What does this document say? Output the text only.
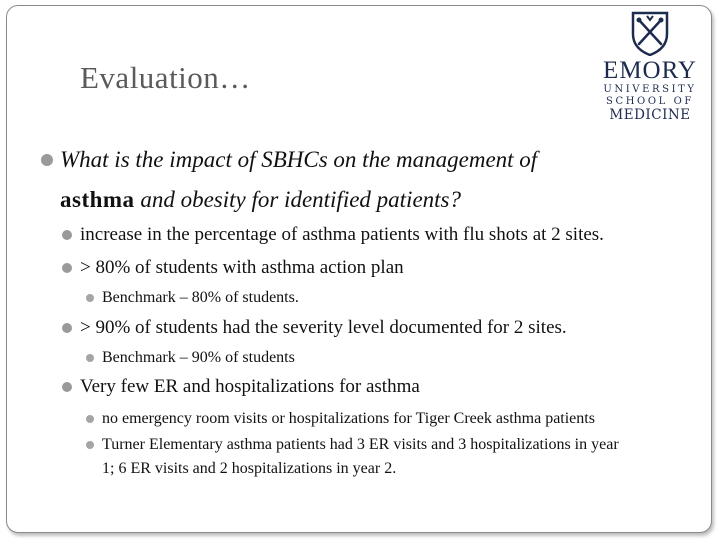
Evaluation…	EMORY
UNIVERSITY
SCHOOL OF
MEDICINE
What is the impact of SBHCs on the management of
asthma and obesity for identified patients?
increase in the percentage of asthma patients with flu shots at 2 sites.
> 80% of students with asthma action plan
Benchmark – 80% of students.
> 90% of students had the severity level documented for 2 sites.
Benchmark – 90% of students
Very few ER and hospitalizations for asthma
no emergency room visits or hospitalizations for Tiger Creek asthma patients
Turner Elementary asthma patients had 3 ER visits and 3 hospitalizations in year
1; 6 ER visits and 2 hospitalizations in year 2.
